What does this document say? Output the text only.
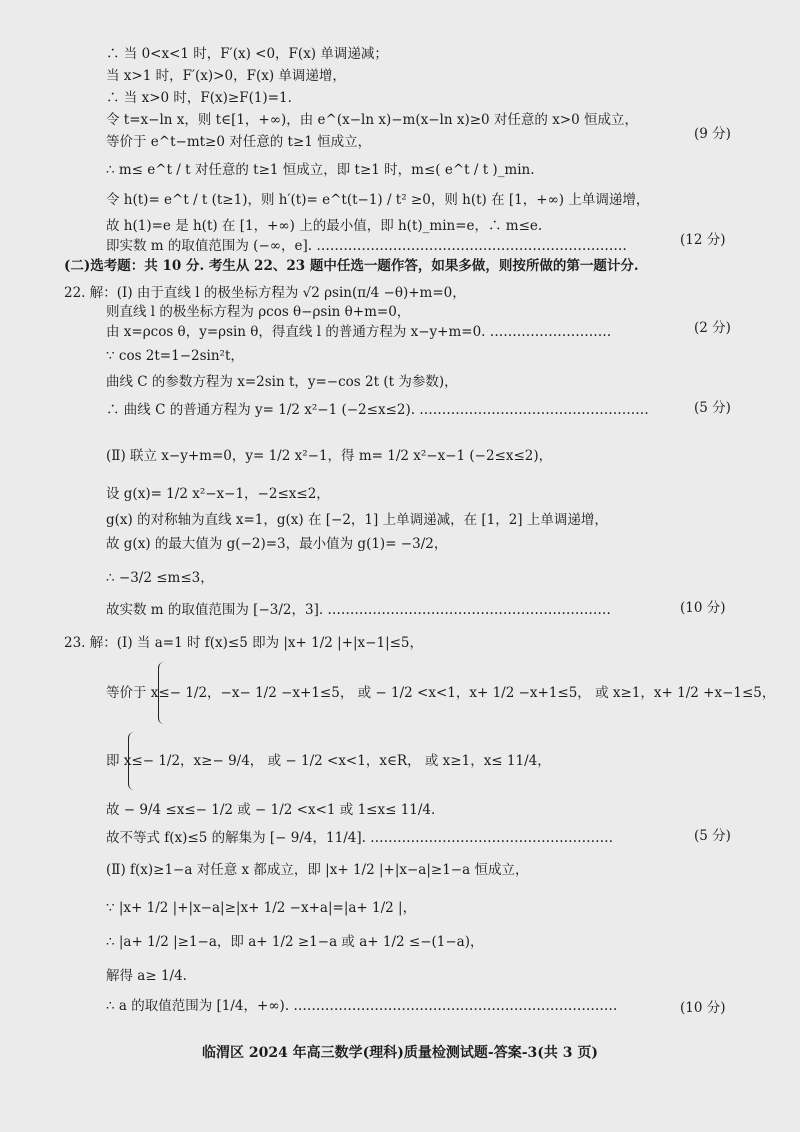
∴ 当 0<x<1 时，F′(x) <0，F(x) 单调递减；
当 x>1 时，F′(x)>0，F(x) 单调递增，
∴ 当 x>0 时，F(x)≥F(1)=1.
令 t=x−ln x，则 t∈[1，+∞)，由 e^(x−ln x)−m(x−ln x)≥0 对任意的 x>0 恒成立，
等价于 e^t−mt≥0 对任意的 t≥1 恒成立，
∴ m≤ e^t / t 对任意的 t≥1 恒成立，即 t≥1 时，m≤( e^t / t )_min.
令 h(t)= e^t / t (t≥1)，则 h′(t)= e^t(t−1) / t² ≥0，则 h(t) 在 [1，+∞) 上单调递增，
故 h(1)=e 是 h(t) 在 [1，+∞) 上的最小值，即 h(t)_min=e，∴ m≤e.
即实数 m 的取值范围为 (−∞，e]. ……………………………………………………………
(二)选考题：共 10 分. 考生从 22、23 题中任选一题作答，如果多做，则按所做的第一题计分.
22. 解：(Ⅰ) 由于直线 l 的极坐标方程为 √2 ρsin(π/4 −θ)+m=0，
则直线 l 的极坐标方程为 ρcos θ−ρsin θ+m=0，
由 x=ρcos θ，y=ρsin θ，得直线 l 的普通方程为 x−y+m=0. ………………………
∵ cos 2t=1−2sin²t，
曲线 C 的参数方程为 x=2sin t，y=−cos 2t (t 为参数)，
∴ 曲线 C 的普通方程为 y= 1/2 x²−1 (−2≤x≤2). ……………………………………………
(Ⅱ) 联立 x−y+m=0，y= 1/2 x²−1，得 m= 1/2 x²−x−1 (−2≤x≤2)，
设 g(x)= 1/2 x²−x−1，−2≤x≤2，
g(x) 的对称轴为直线 x=1，g(x) 在 [−2，1] 上单调递减，在 [1，2] 上单调递增，
故 g(x) 的最大值为 g(−2)=3，最小值为 g(1)= −3/2，
∴ −3/2 ≤m≤3，
故实数 m 的取值范围为 [−3/2，3]. ………………………………………………………
23. 解：(Ⅰ) 当 a=1 时 f(x)≤5 即为 |x+ 1/2 |+|x−1|≤5，
等价于 x≤− 1/2，−x− 1/2 −x+1≤5， 或 − 1/2 <x<1，x+ 1/2 −x+1≤5， 或 x≥1，x+ 1/2 +x−1≤5，
即 x≤− 1/2，x≥− 9/4， 或 − 1/2 <x<1，x∈R， 或 x≥1，x≤ 11/4，
故 − 9/4 ≤x≤− 1/2 或 − 1/2 <x<1 或 1≤x≤ 11/4.
故不等式 f(x)≤5 的解集为 [− 9/4，11/4]. ………………………………………………
(Ⅱ) f(x)≥1−a 对任意 x 都成立，即 |x+ 1/2 |+|x−a|≥1−a 恒成立，
∵ |x+ 1/2 |+|x−a|≥|x+ 1/2 −x+a|=|a+ 1/2 |，
∴ |a+ 1/2 |≥1−a，即 a+ 1/2 ≥1−a 或 a+ 1/2 ≤−(1−a)，
解得 a≥ 1/4.
∴ a 的取值范围为 [1/4，+∞). ………………………………………………………………
(9 分)
(12 分)
(2 分)
(5 分)
(10 分)
(5 分)
(10 分)
临渭区 2024 年高三数学(理科)质量检测试题-答案-3(共 3 页)
